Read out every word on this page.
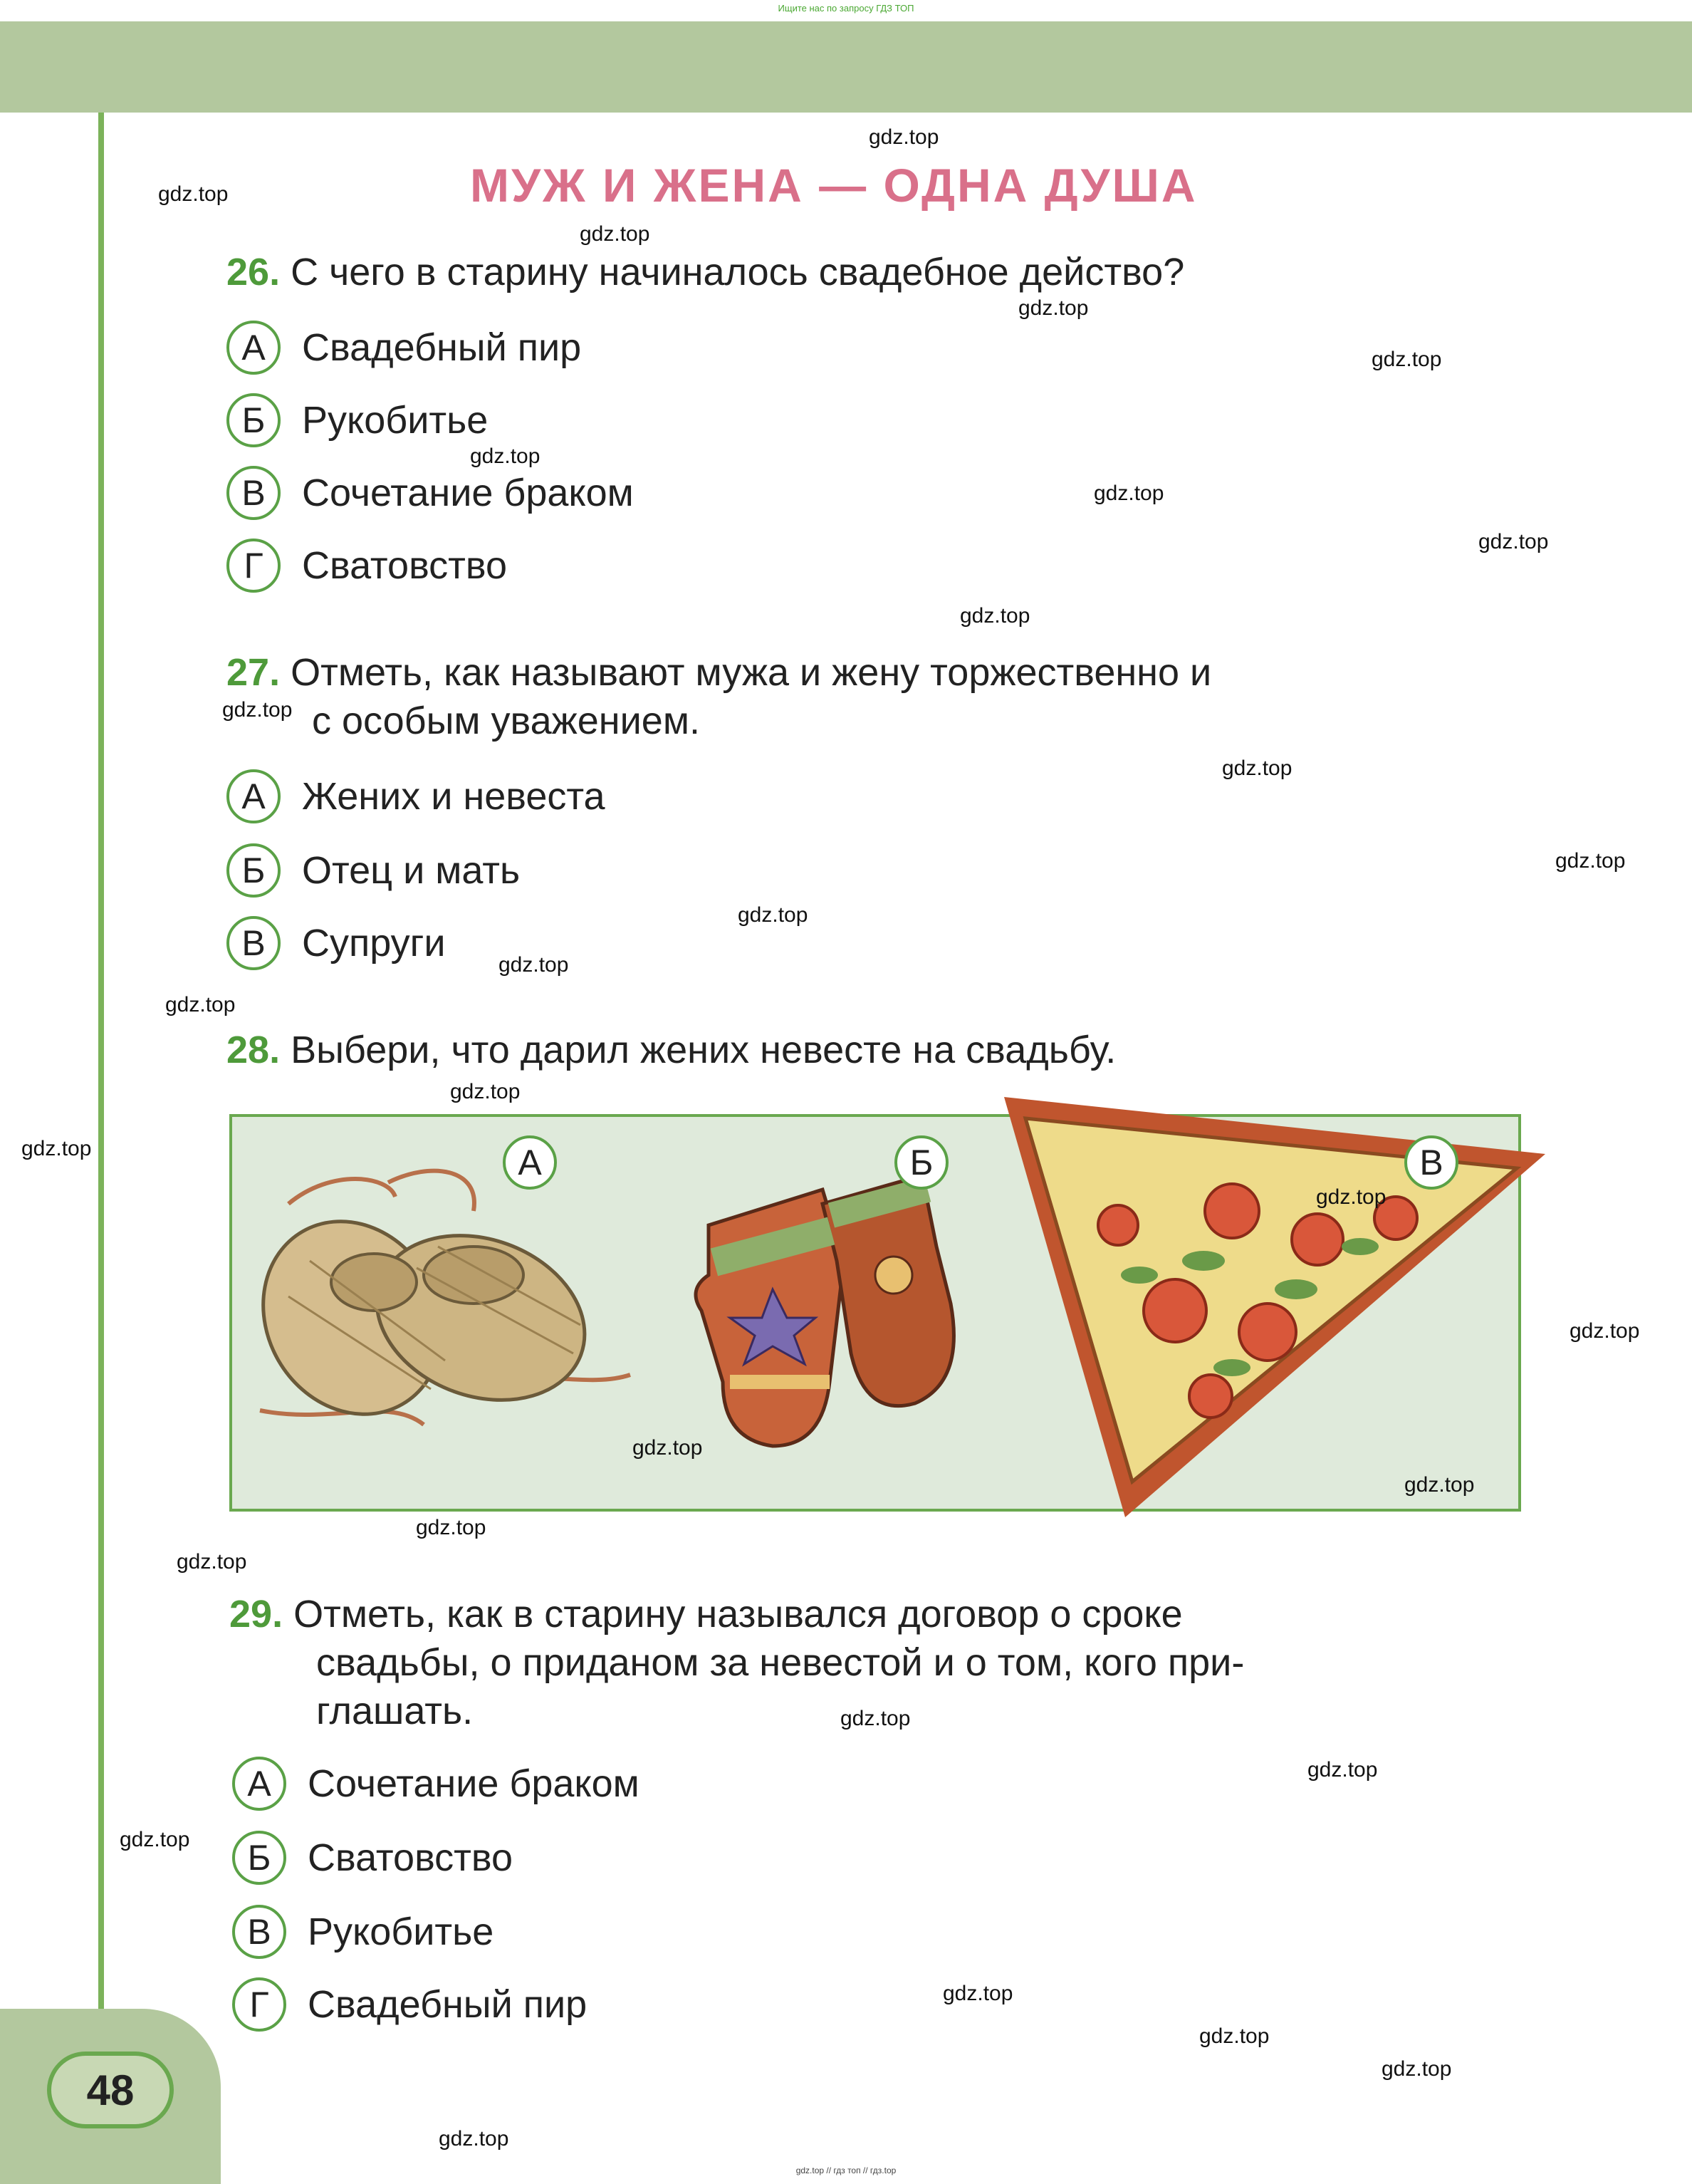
Ищите нас по запросу ГДЗ ТОП
48
МУЖ И ЖЕНА — ОДНА ДУША
26. С чего в старину начиналось свадебное действо?
А Свадебный пир
Б Рукобитье
В Сочетание браком
Г	Сватовство
27. Отметь, как называют мужа и жену торжественно и
с особым уважением.
А Жених и невеста
Б Отец и мать
В Супруги
28. Выбери, что дарил жених невесте на свадьбу.
А	Б	В
29. Отметь, как в старину назывался договор о сроке
свадьбы, о приданом за невестой и о том, кого при-
глашать.
А Сочетание браком
Б Сватовство
В Рукобитье
Г	Свадебный пир
gdz.top
gdz.top
gdz.top
gdz.top
gdz.top
gdz.top
gdz.top
gdz.top
gdz.top
gdz.top
gdz.top
gdz.top
gdz.top
gdz.top
gdz.top
gdz.top
gdz.top
gdz.top
gdz.top
gdz.top
gdz.top
gdz.top
gdz.top
gdz.top
gdz.top
gdz.top
gdz.top
gdz.top
gdz.top
gdz.top
gdz.top // гдз топ // гдз.top
